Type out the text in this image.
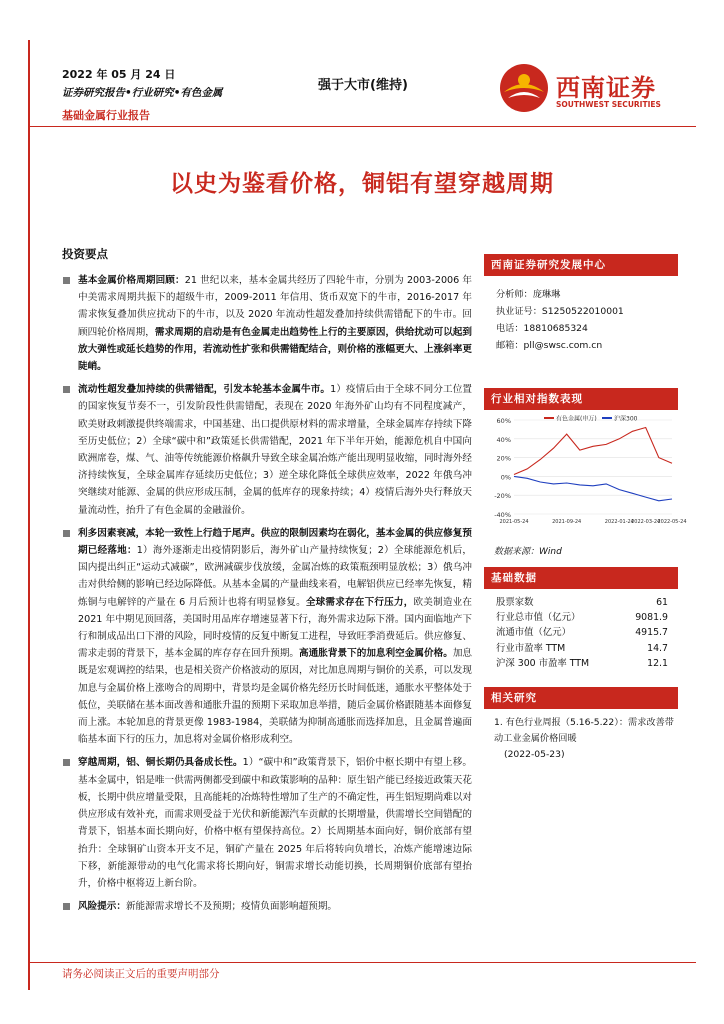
2022 年 05 月 24 日
证券研究报告•行业研究•有色金属
基础金属行业报告
强于大市(维持)	西南证券
SOUTHWEST SECURITIES
以史为鉴看价格，铜铝有望穿越周期
投资要点
基本金属价格周期回顾：21 世纪以来，基本金属共经历了四轮牛市，分别为 2003-2006 年中美需求周期共振下的超级牛市，2009-2011 年信用、货币双宽下的牛市，2016-2017 年需求恢复叠加供应扰动下的牛市，以及 2020 年流动性超发叠加持续供需错配下的牛市。回顾四轮价格周期，需求周期的启动是有色金属走出趋势性上行的主要原因，供给扰动可以起到放大弹性或延长趋势的作用，若流动性扩张和供需错配结合，则价格的涨幅更大、上涨斜率更陡峭。
流动性超发叠加持续的供需错配，引发本轮基本金属牛市。1）疫情后由于全球不同分工位置的国家恢复节奏不一，引发阶段性供需错配，表现在 2020 年海外矿山均有不同程度减产，欧美财政刺激提供终端需求，中国基建、出口提供原材料的需求增量，全球金属库存持续下降至历史低位；2）全球“碳中和”政策延长供需错配，2021 年下半年开始，能源危机自中国向欧洲席卷，煤、气、油等传统能源价格飙升导致全球金属冶炼产能出现明显收缩，同时海外经济持续恢复，全球金属库存延续历史低位；3）逆全球化降低全球供应效率，2022 年俄乌冲突继续对能源、金属的供应形成压制，金属的低库存的现象持续；4）疫情后海外央行释放天量流动性，抬升了有色金属的金融溢价。
利多因素衰减，本轮一致性上行趋于尾声。供应的限制因素均在弱化，基本金属的供应修复预期已经落地：1）海外逐渐走出疫情阴影后，海外矿山产量持续恢复；2）全球能源危机后，国内提出纠正“运动式减碳”，欧洲减碳步伐放缓，金属冶炼的政策瓶颈明显放松；3）俄乌冲击对供给侧的影响已经边际降低。从基本金属的产量曲线来看，电解铝供应已经率先恢复，精炼铜与电解锌的产量在 6 月后预计也将有明显修复。全球需求存在下行压力，欧美制造业在 2021 年中期见顶回落，美国时用品库存增速显著下行，海外需求边际下滑。国内面临地产下行和制成品出口下滑的风险，同时疫情的反复中断复工进程，导致旺季消费延后。供应修复、需求走弱的背景下，基本金属的库存存在回升预期。高通胀背景下的加息利空金属价格。加息既是宏观调控的结果，也是相关资产价格波动的原因，对比加息周期与铜价的关系，可以发现加息与金属价格上涨吻合的周期中，背景均是金属价格先经历长时间低迷，通胀水平整体处于低位，美联储在基本面改善和通胀升温的预期下采取加息举措，随后金属价格跟随基本面修复而上涨。本轮加息的背景更像 1983-1984，美联储为抑制高通胀而选择加息，且金属普遍面临基本面下行的压力，加息将对金属价格形成利空。
穿越周期，铝、铜长期仍具备成长性。1）“碳中和”政策背景下，铝价中枢长期中有望上移。基本金属中，铝是唯一供需两侧都受到碳中和政策影响的品种：原生铝产能已经接近政策天花板，长期中供应增量受限，且高能耗的冶炼特性增加了生产的不确定性，再生铝短期尚难以对供应形成有效补充，而需求则受益于光伏和新能源汽车贡献的长期增量，供需增长空间错配的背景下，铝基本面长期向好，价格中枢有望保持高位。2）长周期基本面向好，铜价底部有望抬升：全球铜矿山资本开支不足，铜矿产量在 2025 年后将转向负增长，冶炼产能增速边际下移，新能源带动的电气化需求将长期向好，铜需求增长动能切换，长周期铜价底部有望抬升，价格中枢将迈上新台阶。
风险提示：新能源需求增长不及预期；疫情负面影响超预期。
西南证券研究发展中心
分析师：庞琳琳
执业证号：S1250522010001
电话：18810685324
邮箱：pll@swsc.com.cn
行业相对指数表现
60%
40%
20%
0%
-20%
-40%
2021-05-24	2021-09-24	2022-01-24
2022-03-24
2022-05-24
有色金属(申万)	沪深300
数据来源：Wind
基础数据
股票家数	61
行业总市值（亿元）	9081.9
流通市值（亿元）	4915.7
行业市盈率 TTM	14.7
沪深 300 市盈率 TTM	12.1
相关研究
1. 有色行业周报（5.16-5.22）：需求改善带动工业金属价格回暖
(2022-05-23)
请务必阅读正文后的重要声明部分
